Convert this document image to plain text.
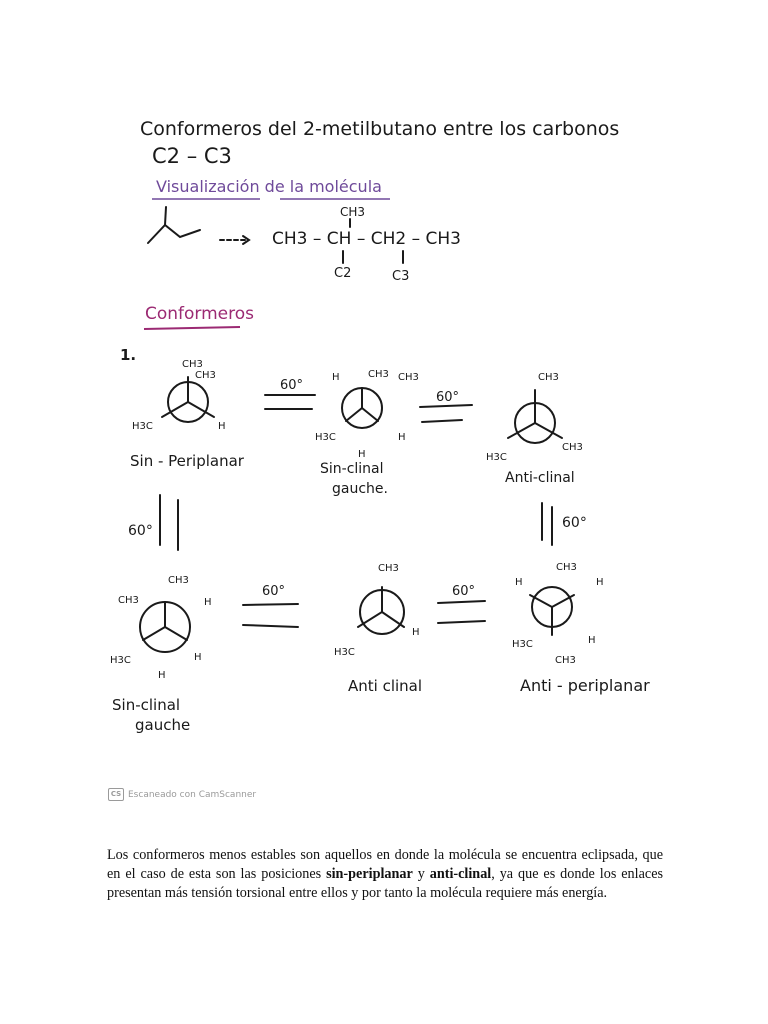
Conformeros del 2-metilbutano entre los carbonos
C2 – C3
Visualización de la molécula
CH3
CH3 – CH – CH2 – CH3
C2	C3
Conformeros
1.
CH3
CH3
H3C	H
Sin - Periplanar
60°
H	CH3 CH3
H3C	H
H
Sin-clinal
gauche.
60°
CH3
H3C
CH3
Anti-clinal
60°	60°
CH3
CH3	H
H3C	H
H
Sin-clinal
gauche
60°
CH3
H3C
H
Anti clinal
60°
H
CH3
H
H3C	H
CH3
Anti - periplanar
CS Escaneado con CamScanner

Los conformeros menos estables son aquellos en donde la molécula se encuentra eclipsada, que en el caso de esta son las posiciones sin-periplanar y anti-clinal, ya que es donde los enlaces presentan más tensión torsional entre ellos y por tanto la molécula requiere más energía.
